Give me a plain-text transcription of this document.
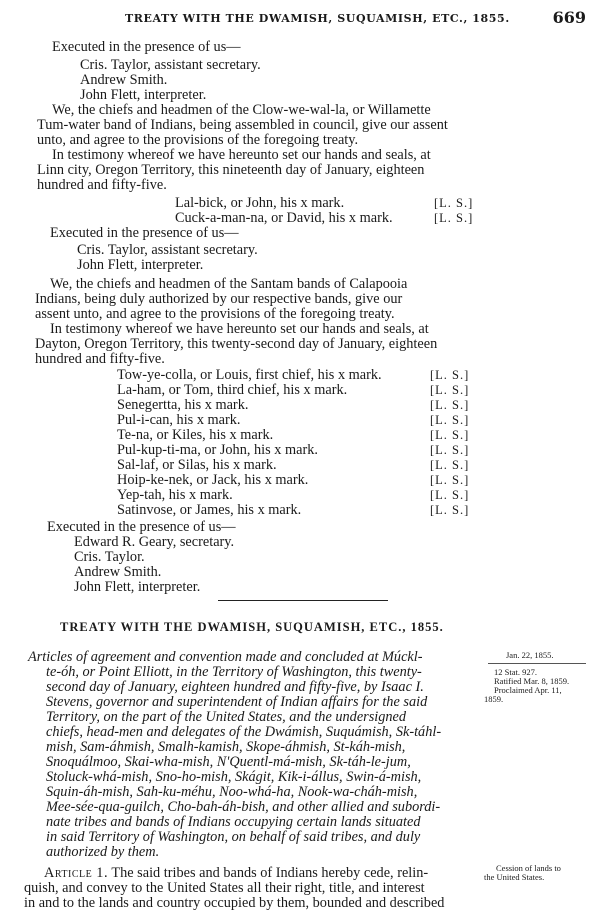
TREATY WITH THE DWAMISH, SUQUAMISH, ETC., 1855.	669
Executed in the presence of us—
Cris. Taylor, assistant secretary.
Andrew Smith.
John Flett, interpreter.
We, the chiefs and headmen of the Clow-we-wal-la, or Willamette
Tum-water band of Indians, being assembled in council, give our assent
unto, and agree to the provisions of the foregoing treaty.
In testimony whereof we have hereunto set our hands and seals, at
Linn city, Oregon Territory, this nineteenth day of January, eighteen
hundred and fifty-five.
Lal-bick, or John, his x mark.	[L. S.]
Cuck-a-man-na, or David, his x mark.	[L. S.]
Executed in the presence of us—
Cris. Taylor, assistant secretary.
John Flett, interpreter.
We, the chiefs and headmen of the Santam bands of Calapooia
Indians, being duly authorized by our respective bands, give our
assent unto, and agree to the provisions of the foregoing treaty.
In testimony whereof we have hereunto set our hands and seals, at
Dayton, Oregon Territory, this twenty-second day of January, eighteen
hundred and fifty-five.
Tow-ye-colla, or Louis, first chief, his x mark.	[L. S.]
La-ham, or Tom, third chief, his x mark.	[L. S.]
Senegertta, his x mark.	[L. S.]
Pul-i-can, his x mark.	[L. S.]
Te-na, or Kiles, his x mark.	[L. S.]
Pul-kup-ti-ma, or John, his x mark.	[L. S.]
Sal-laf, or Silas, his x mark.	[L. S.]
Hoip-ke-nek, or Jack, his x mark.	[L. S.]
Yep-tah, his x mark.	[L. S.]
Satinvose, or James, his x mark.	[L. S.]
Executed in the presence of us—
Edward R. Geary, secretary.
Cris. Taylor.
Andrew Smith.
John Flett, interpreter.
TREATY WITH THE DWAMISH, SUQUAMISH, ETC., 1855.
Articles of agreement and convention made and concluded at Múckl-
te-óh, or Point Elliott, in the Territory of Washington, this twenty-
second day of January, eighteen hundred and fifty-five, by Isaac I.
Stevens, governor and superintendent of Indian affairs for the said
Territory, on the part of the United States, and the undersigned
chiefs, head-men and delegates of the Dwámish, Suquámish, Sk-táhl-
mish, Sam-áhmish, Smalh-kamish, Skope-áhmish, St-káh-mish,
Snoquálmoo, Skai-wha-mish, N'Quentl-má-mish, Sk-táh-le-jum,
Stoluck-whá-mish, Sno-ho-mish, Skágit, Kik-i-állus, Swin-á-mish,
Squin-áh-mish, Sah-ku-méhu, Noo-whá-ha, Nook-wa-cháh-mish,
Mee-sée-qua-guilch, Cho-bah-áh-bish, and other allied and subordi-
nate tribes and bands of Indians occupying certain lands situated
in said Territory of Washington, on behalf of said tribes, and duly
authorized by them.
Article 1. The said tribes and bands of Indians hereby cede, relin-
quish, and convey to the United States all their right, title, and interest
in and to the lands and country occupied by them, bounded and described
Jan. 22, 1855.
12 Stat. 927.
Ratified Mar. 8, 1859.
Proclaimed Apr. 11,
1859.
Cession of lands to
the United States.
